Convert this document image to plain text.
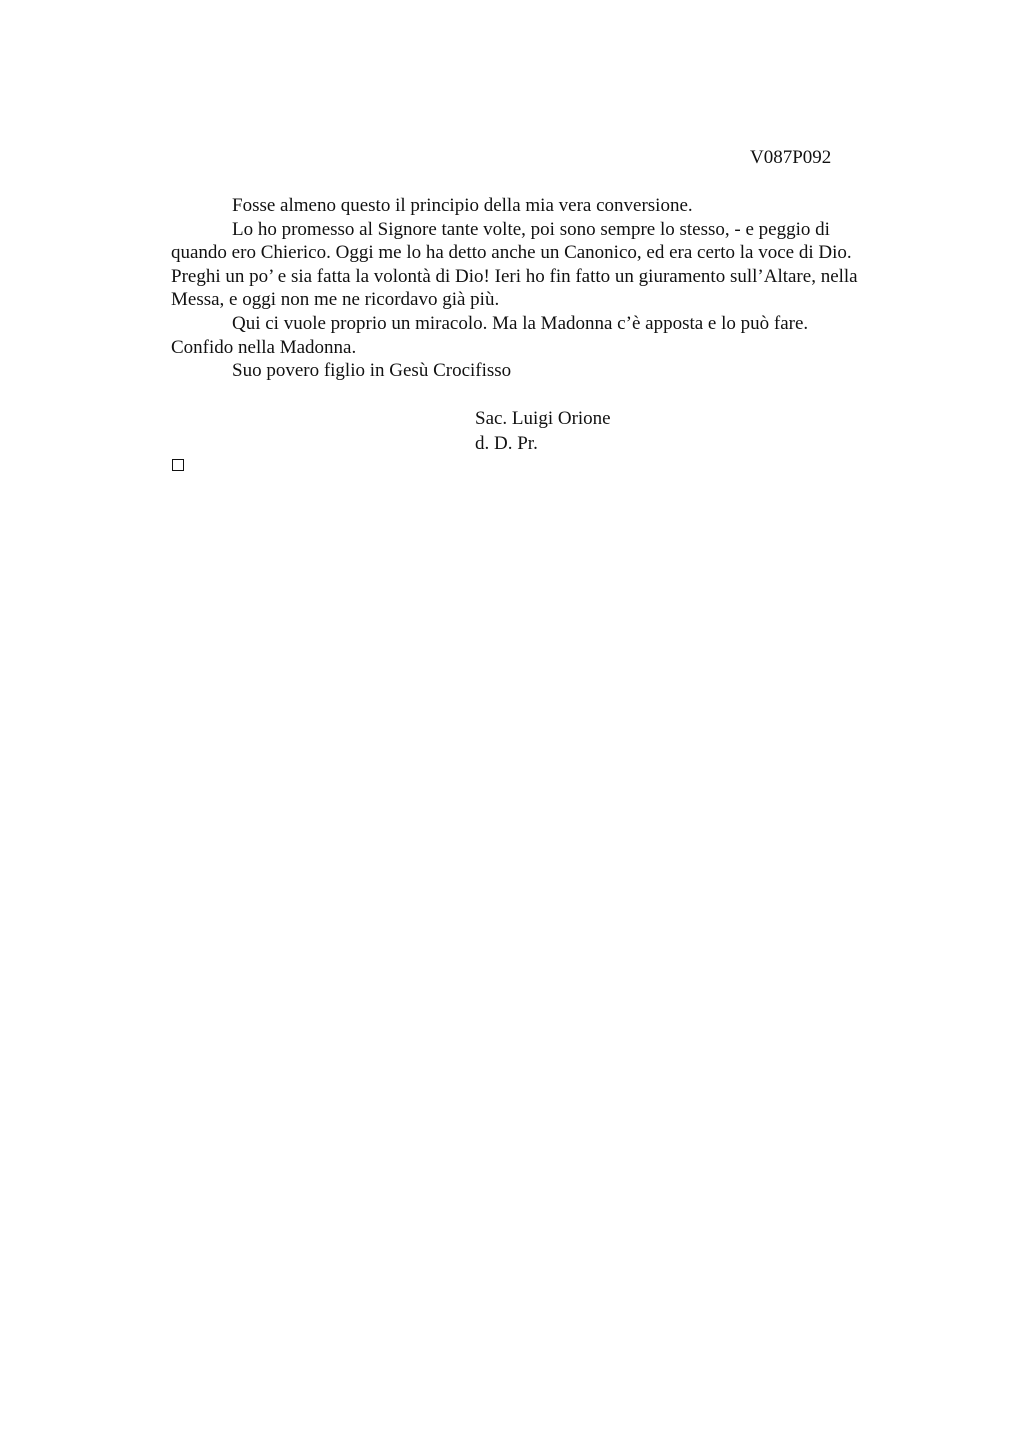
V087P092

Fosse almeno questo il principio della mia vera conversione.

Lo ho promesso al Signore tante volte, poi sono sempre lo stesso, - e peggio di
quando ero Chierico. Oggi me lo ha detto anche un Canonico, ed era certo la voce di Dio.
Preghi un po’ e sia fatta la volontà di Dio! Ieri ho fin fatto un giuramento sull’Altare, nella
Messa, e oggi non me ne ricordavo già più.

Qui ci vuole proprio un miracolo. Ma la Madonna c’è apposta e lo può fare.
Confido nella Madonna.

Suo povero figlio in Gesù Crocifisso

Sac. Luigi Orione
d. D. Pr.
